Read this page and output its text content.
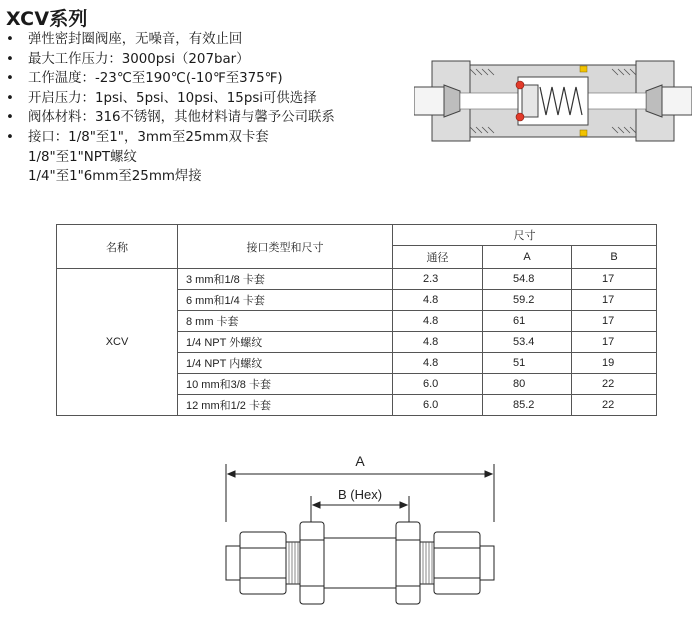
XCV系列
• 弹性密封圈阀座，无噪音，有效止回
• 最大工作压力：3000psi（207bar）
• 工作温度：-23℃至190℃(-10℉至375℉)
• 开启压力：1psi、5psi、10psi、15psi可供选择
• 阀体材料：316不锈钢，其他材料请与馨予公司联系
• 接口：1/8"至1"，3mm至25mm双卡套
1/8"至1"NPT螺纹
1/4"至1"6mm至25mm焊接
名称	接口类型和尺寸	尺寸		
		通径	A	B
XCV	3 mm和1/8 卡套	2.3	54.8	17
	6 mm和1/4 卡套	4.8	59.2	17
	8 mm 卡套	4.8	61	17
	1/4 NPT 外螺纹	4.8	53.4	17
	1/4 NPT 内螺纹	4.8	51	19
	10 mm和3/8 卡套	6.0	80	22
	12 mm和1/2 卡套	6.0	85.2	22
A
B (Hex)
